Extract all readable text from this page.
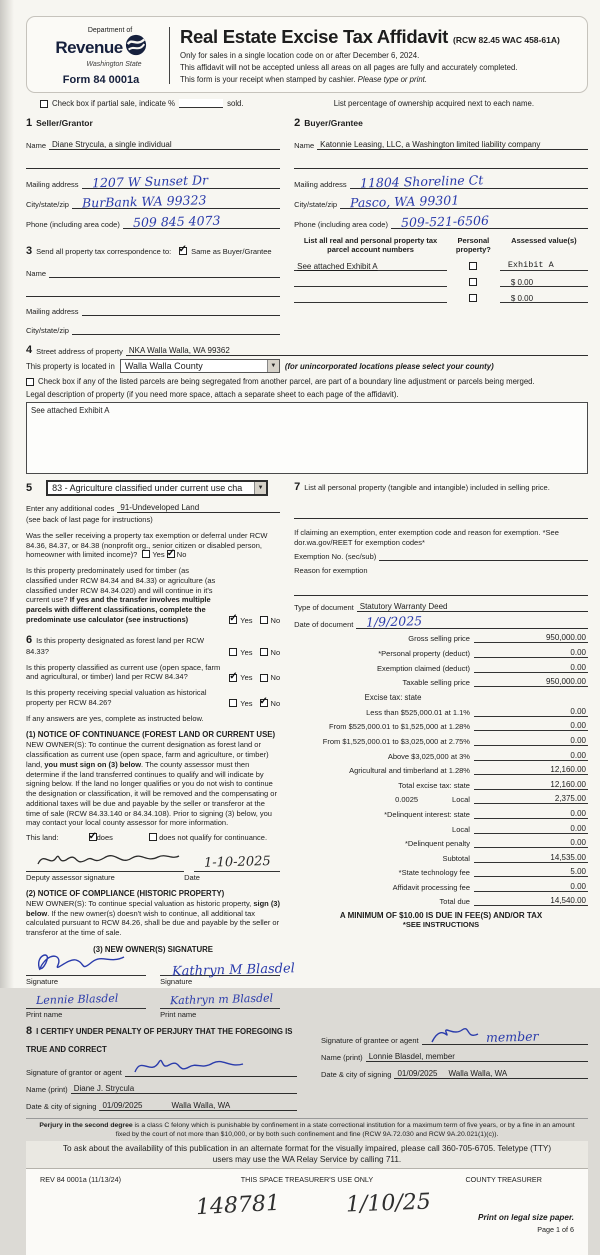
Department of
Revenue
Washington State
Form 84 0001a
Real Estate Excise Tax Affidavit (RCW 82.45 WAC 458-61A)
Only for sales in a single location code on or after December 6, 2024.
This affidavit will not be accepted unless all areas on all pages are fully and accurately completed.
This form is your receipt when stamped by cashier. Please type or print.
Check box if partial sale, indicate %	sold.	List percentage of ownership acquired next to each name.
1 Seller/Grantor
Name Diane Strycula, a single individual
Mailing address	1207 W Sunset Dr
City/state/zip	BurBank WA 99323
Phone (including area code)	509 845 4073
3 Send all property tax correspondence to: ✓	Same as Buyer/Grantee
Name
Mailing address
City/state/zip
2 Buyer/Grantee
Name Katonnie Leasing, LLC, a Washington limited liability company
Mailing address	11804 Shoreline Ct
City/state/zip	Pasco, WA 99301
Phone (including area code)	509-521-6506
List all real and personal property tax parcel account numbers
Personal property?
Assessed value(s)
See attached Exhibit A	Exhibit A
$ 0.00
$ 0.00
4 Street address of property NKA Walla Walla, WA 99362
This property is located in Walla Walla County	▼	(for unincorporated locations please select your county)
Check box if any of the listed parcels are being segregated from another parcel, are part of a boundary line adjustment or parcels being merged.
Legal description of property (if you need more space, attach a separate sheet to each page of the affidavit).
See attached Exhibit A
5 83 - Agriculture classified under current use cha	▼
Enter any additional codes 91-Undeveloped Land
(see back of last page for instructions)
Was the seller receiving a property tax exemption or deferral under RCW 84.36, 84.37, or 84.38 (nonprofit org., senior citizen or disabled person, homeowner with limited income)? Yes ✓ No
Is this property predominately used for timber (as classified under RCW 84.34 and 84.33) or agriculture (as classified under RCW 84.34.020) and will continue in it's current use? If yes and the transfer involves multiple parcels with different classifications, complete the predominate use calculator (see instructions) ✓	Yes No
6 Is this property designated as forest land per RCW 84.33?	Yes No
Is this property classified as current use (open space, farm and agricultural, or timber) land per RCW 84.34? ✓	Yes No
Is this property receiving special valuation as historical property per RCW 84.26?	Yes ✓ No
If any answers are yes, complete as instructed below.
(1) NOTICE OF CONTINUANCE (FOREST LAND OR CURRENT USE)
NEW OWNER(S): To continue the current designation as forest land or classification as current use (open space, farm and agriculture, or timber) land, you must sign on (3) below. The county assessor must then determine if the land transferred continues to qualify and will indicate by signing below. If the land no longer qualifies or you do not wish to continue the designation or classification, it will be removed and the compensating or additional taxes will be due and payable by the seller or transferor at the time of sale (RCW 84.33.140 or 84.34.108). Prior to signing (3) below, you may contact your local county assessor for more information.
This land: ✓	does	does not qualify for continuance.
1-10-2025
Deputy assessor signature	Date
(2) NOTICE OF COMPLIANCE (HISTORIC PROPERTY)
NEW OWNER(S): To continue special valuation as historic property, sign (3) below. If the new owner(s) doesn't wish to continue, all additional tax calculated pursuant to RCW 84.26, shall be due and payable by the seller or transferor at the time of sale.
(3) NEW OWNER(S) SIGNATURE
Signature
Lennie Blasdel
Print name
Kathryn M Blasdel
Signature
Kathryn m Blasdel
Print name
7 List all personal property (tangible and intangible) included in selling price.
If claiming an exemption, enter exemption code and reason for exemption. *See dor.wa.gov/REET for exemption codes*
Exemption No. (sec/sub)
Reason for exemption
Type of document Statutory Warranty Deed
Date of document	1/9/2025
Gross selling price	950,000.00
*Personal property (deduct)	0.00
Exemption claimed (deduct)	0.00
Taxable selling price	950,000.00
Excise tax: state
Less than $525,000.01 at 1.1%	0.00
From $525,000.01 to $1,525,000 at 1.28%	0.00
From $1,525,000.01 to $3,025,000 at 2.75%	0.00
Above $3,025,000 at 3%	0.00
Agricultural and timberland at 1.28%	12,160.00
Total excise tax: state	12,160.00
0.0025	Local	2,375.00
*Delinquent interest: state	0.00
Local	0.00
*Delinquent penalty	0.00
Subtotal	14,535.00
*State technology fee	5.00
Affidavit processing fee	0.00
Total due	14,540.00
A MINIMUM OF $10.00 IS DUE IN FEE(S) AND/OR TAX
*SEE INSTRUCTIONS
8 I CERTIFY UNDER PENALTY OF PERJURY THAT THE FOREGOING IS TRUE AND CORRECT
Signature of grantor or agent
Name (print) Diane J. Strycula
Date & city of signing 01/09/2025	Walla Walla, WA
Signature of grantee or agent	member
Name (print) Lonnie Blasdel, member
Date & city of signing 01/09/2025 Walla Walla, WA
Perjury in the second degree is a class C felony which is punishable by confinement in a state correctional institution for a maximum term of five years, or by a fine in an amount fixed by the court of not more than $10,000, or by both such confinement and fine (RCW 9A.72.030 and RCW 9A.20.021(1)(c)).
To ask about the availability of this publication in an alternate format for the visually impaired, please call 360-705-6705. Teletype (TTY) users may use the WA Relay Service by calling 711.
REV 84 0001a (11/13/24)	THIS SPACE TREASURER'S USE ONLY	COUNTY TREASURER
148781	1/10/25
Print on legal size paper.
Page 1 of 6
